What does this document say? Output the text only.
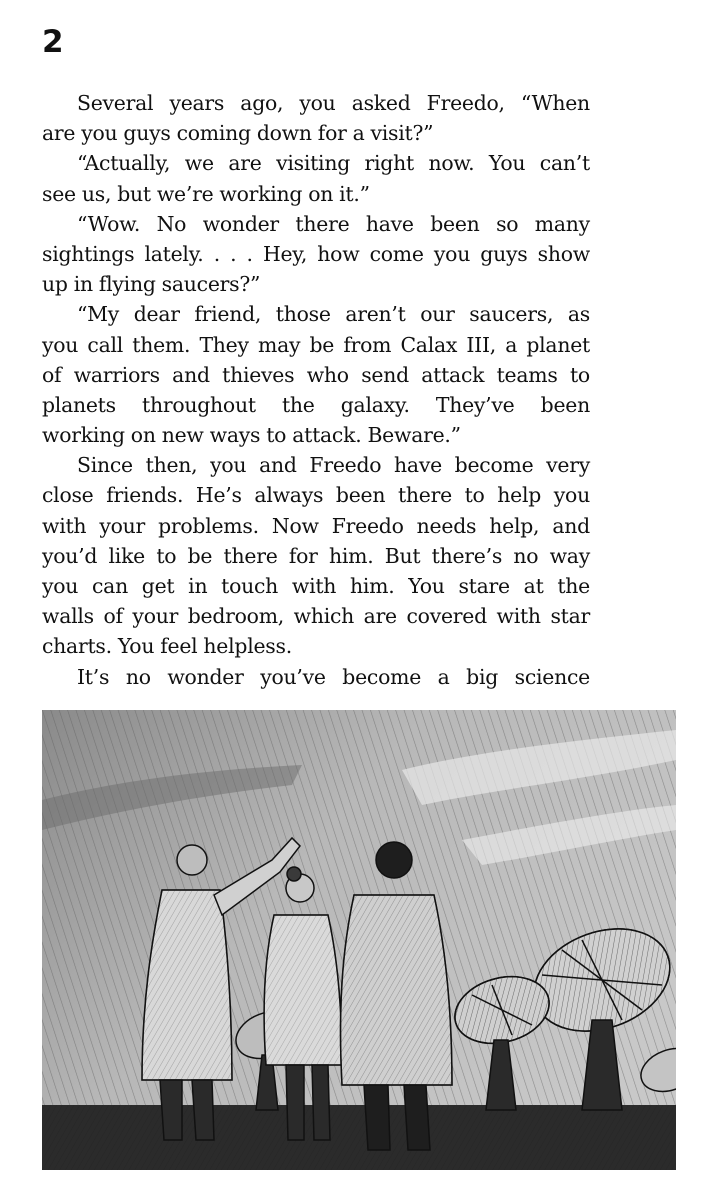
2
Several years ago, you asked Freedo, “When
are you guys coming down for a visit?”
“Actually, we are visiting right now. You can’t
see us, but we’re working on it.”
“Wow. No wonder there have been so many
sightings lately. . . . Hey, how come you guys show
up in flying saucers?”
“My dear friend, those aren’t our saucers, as
you call them. They may be from Calax III, a planet
of warriors and thieves who send attack teams to
planets throughout the galaxy. They’ve been
working on new ways to attack. Beware.”
Since then, you and Freedo have become very
close friends. He’s always been there to help you
with your problems. Now Freedo needs help, and
you’d like to be there for him. But there’s no way
you can get in touch with him. You stare at the
walls of your bedroom, which are covered with star
charts. You feel helpless.
It’s no wonder you’ve become a big science
